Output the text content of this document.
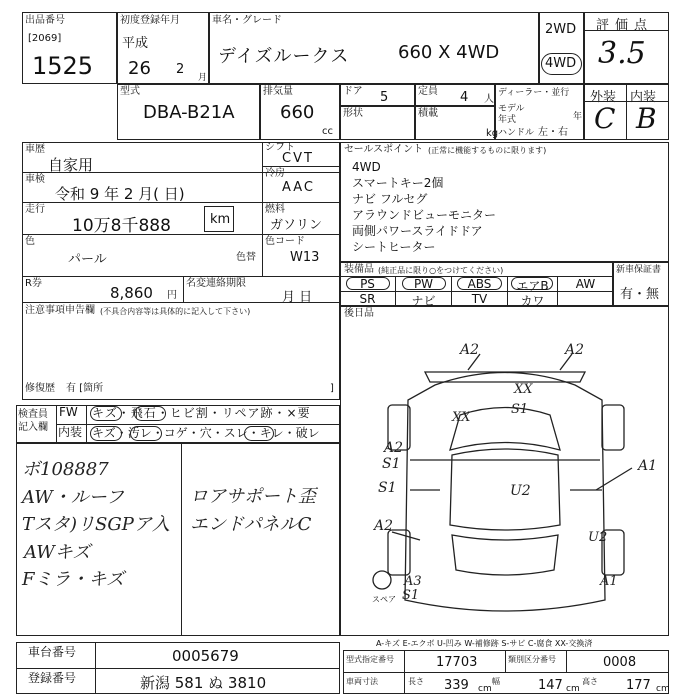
出品番号
[2069]
1525
初度登録年月
平成
26 2
月
車名・グレード
デイズルークス	660 X 4WD
2WD
4WD
評価点
3.5
型式
DBA-B21A
排気量
660
cc
ドア 5	定員 4 人
形状	積載
kg
ディーラー・並行
モデル年式	年
ハンドル 左・右
外装 内装
C B
車歴
自家用
車検
令和 9 年 2 月( 日)
走行
10万8千888	km
色
パール	色替
シフト
CVT
冷房
AAC
燃料
ガソリン
色コード
W13
R券
8,860 円
名変連絡期限
月 日
注意事項申告欄 (不具合内容等は具体的に記入して下さい)
修復歴 有 [箇所	]
セールスポイント (正常に機能するものに限ります)
4WD
スマートキー2個
ナビ フルセグ
アラウンドビューモニター
両側パワースライドドア
シートヒーター
装備品 (純正品に限り○をつけてください)
PS	PW	ABS	エアB	AW
SR	ナビ	TV	カワ
新車保証書
有・無
後日品
検査員記入欄
FW
内装
キズ・飛石・ヒビ割・リペア跡・×要
キズ・汚レ・コゲ・穴・スレ・キレ・破レ
ボ108887
AW・ルーフ
Tスタ)リSGPア入
AWキズ
Fミラ・キズ
ロアサポート歪
エンドパネルC
A2	A2
XX
S1
XX
A2
S1
S1	U2
A1
A2
U2
A3
S1
A1
スペア
A-キズ E-エクボ U-凹み W-補修跡 S-サビ C-腐食 XX-交換済
車台番号	0005679
登録番号	新潟 581 ぬ 3810
型式指定番号	17703	類別区分番号	0008
車両寸法	長さ 339 cm
幅	147 cm
高さ 177 cm
